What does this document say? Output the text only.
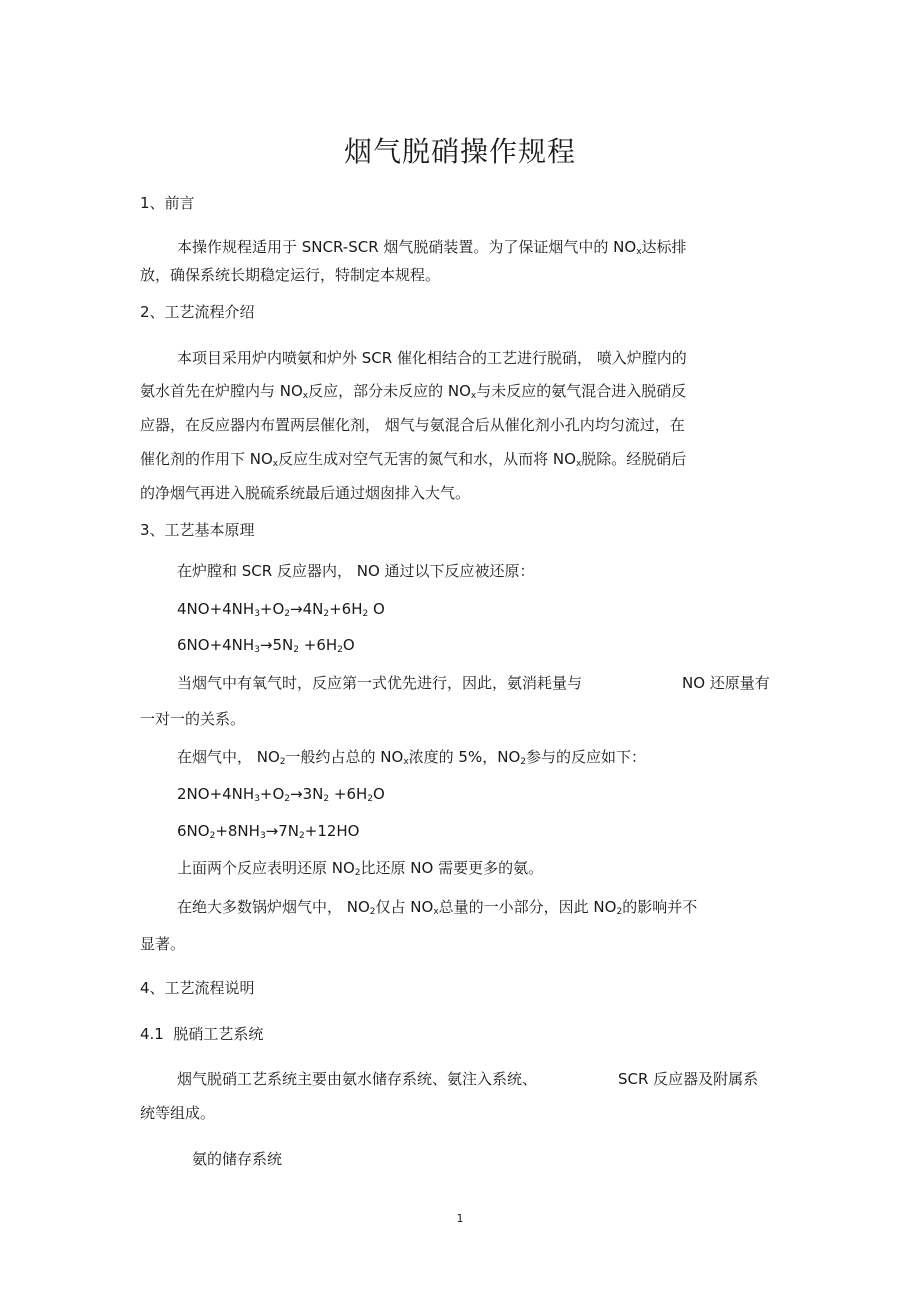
烟气脱硝操作规程
1、前言
本操作规程适用于 SNCR-SCR 烟气脱硝装置。为了保证烟气中的 $NO_x$达标排
放，确保系统长期稳定运行，特制定本规程。
2、工艺流程介绍
本项目采用炉内喷氨和炉外 SCR 催化相结合的工艺进行脱硝， 喷入炉膛内的
氨水首先在炉膛内与 $NO_x$反应，部分未反应的 $NO_x$与未反应的氨气混合进入脱硝反
应器，在反应器内布置两层催化剂， 烟气与氨混合后从催化剂小孔内均匀流过，在
催化剂的作用下 $NO_x$反应生成对空气无害的氮气和水，从而将 $NO_x$脱除。经脱硝后
的净烟气再进入脱硫系统最后通过烟囱排入大气。
3、工艺基本原理
在炉膛和 SCR 反应器内， NO 通过以下反应被还原：
$4NO+4NH_3+O_2\to 4N_2+6H_2$ O
$6NO+4NH_3\to 5N_2 +6H_2O$
当烟气中有氧气时，反应第一式优先进行，因此，氨消耗量与	NO 还原量有
一对一的关系。
在烟气中， $NO_2$一般约占总的 $NO_x$浓度的 5%，$NO_2$参与的反应如下：
$2NO+4NH_3+O_2\to 3N_2 +6H_2O$
$6NO_2+8NH_3\to 7N_2+12HO$
上面两个反应表明还原 $NO_2$比还原 NO 需要更多的氨。
在绝大多数锅炉烟气中， $NO_2$仅占 $NO_x$总量的一小部分，因此 $NO_2$的影响并不
显著。
4、工艺流程说明
4.1 脱硝工艺系统
烟气脱硝工艺系统主要由氨水储存系统、氨注入系统、	SCR 反应器及附属系
统等组成。
氨的储存系统
1
